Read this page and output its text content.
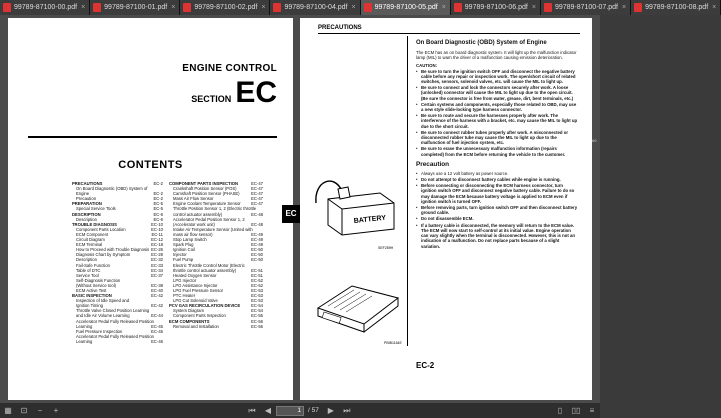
99789-87100-00.pdf ×	99789-87100-01.pdf ×	99789-87100-02.pdf ×	99789-87100-04.pdf ×	99789-87100-05.pdf ×	99789-87100-06.pdf ×	99789-87100-07.pdf ×	99789-87100-08.pdf ×
ENGINE CONTROL
SECTION EC
CONTENTS
PRECAUTIONS	EC-2
On Board Diagnostic (OBD) System of
Engine	EC-2
Precaution	EC-2
PREPARATION	EC-5
Special Service Tools	EC-5
DESCRIPTION	EC-6
Description	EC-6
TROUBLE DIAGNOSIS	EC-10
Component Parts Location	EC-10
ECM Component	EC-11
Circuit Diagram	EC-12
ECM Terminal	EC-18
How to Proceed with Trouble Diagnosis EC-26
Diagnosis Chart by Symptom	EC-28
Description	EC-32
Fail-Safe Function	EC-33
Table of DTC	EC-34
Service Tool	EC-37
Self-Diagnosis Function
(Without Service tool)	EC-38
ECM Active Test	EC-40
BASIC INSPECTION	EC-42
Inspection of Idle Speed and
Ignition Timing	EC-42
Throttle Valve Closed Position Learning
and Idle Air Volume Learning	EC-44
Accelerator Pedal Fully Released Position
Learning	EC-45
Fuel Pressure Inspection	EC-45
Accelerator Pedal Fully Released Position
Learning	EC-46
COMPONENT PARTS INSPECTION	EC-47
Crankshaft Position Sensor (POS)	EC-47
Camshaft Position Sensor (PHASE)	EC-47
Mass Air Flow Sensor	EC-47
Engine Coolant Temperature Sensor	EC-47
Throttle Position Sensor 1, 2 (Electric throttle
control actuator assembly)	EC-48
Accelerator Pedal Position Sensor 1, 2
(Accelerator work unit)	EC-48
Intake Air Temperature Sensor (United with
mass air flow sensor)	EC-49
Stop Lamp Switch	EC-49
Spark Plug	EC-49
Ignition Coil	EC-50
Injector	EC-50
Fuel Pump	EC-50
Electric Throttle Control Motor (Electric
throttle control actuator assembly)	EC-51
Heated Oxygen Sensor	EC-51
LPG Injector	EC-52
LPG Assistance Injector	EC-52
LPG Fuel Pressure Sensor	EC-53
PTC Heater	EC-53
LPG Cut Solenoid Valve	EC-53
PCV GAS RECIRCULATION DEVICE	EC-54
System Diagram	EC-54
Component Parts Inspection	EC-55
ECM COMPONENTS	EC-56
Removal and Installation	EC-56
EC
PRECAUTIONS
BATTERY
SEF289H
PBIB1164E
On Board Diagnostic (OBD) System of Engine
The ECM has an on board diagnostic system. It will light up the malfunction indicator lamp (MIL) to warn the driver of a malfunction causing emission deterioration.
CAUTION:
• Be sure to turn the ignition switch OFF and disconnect the negative battery cable before any repair or inspection work. The open/short circuit of related switches, sensors, solenoid valves, etc. will cause the MIL to light up.
• Be sure to connect and lock the connectors securely after work. A loose (unlocked) connector will cause the MIL to light up due to the open circuit. (Be sure the connector is free from water, grease, dirt, bent terminals, etc.)
• Certain systems and components, especially those related to OBD, may use a new style slide-locking type harness connector.
• Be sure to route and secure the harnesses properly after work. The interference of the harness with a bracket, etc. may cause the MIL to light up due to the short circuit.
• Be sure to connect rubber tubes properly after work. A misconnected or disconnected rubber tube may cause the MIL to light up due to the malfunction of fuel injection system, etc.
• Be sure to erase the unnecessary malfunction information (repairs completed) from the ECM before returning the vehicle to the customer.
Precaution
• Always use a 12 volt battery as power source.
• Do not attempt to disconnect battery cables while engine is running.
• Before connecting or disconnecting the ECM harness connector, turn ignition switch OFF and disconnect negative battery cable. Failure to do so may damage the ECM because battery voltage is applied to ECM even if ignition switch is turned OFF.
• Before removing parts, turn ignition switch OFF and then disconnect battery ground cable.
• Do not disassemble ECM.
• If a battery cable is disconnected, the memory will return to the ECM value. The ECM will now start to self-control at its initial value. Engine operation can vary slightly when the terminal is disconnected. However, this is not an indication of a malfunction. Do not replace parts because of a slight variation.
EC-2
69
▦	⊡	−	+	⏮	◀	1	/ 57	▶	⏭	▯	▯▯	≡
